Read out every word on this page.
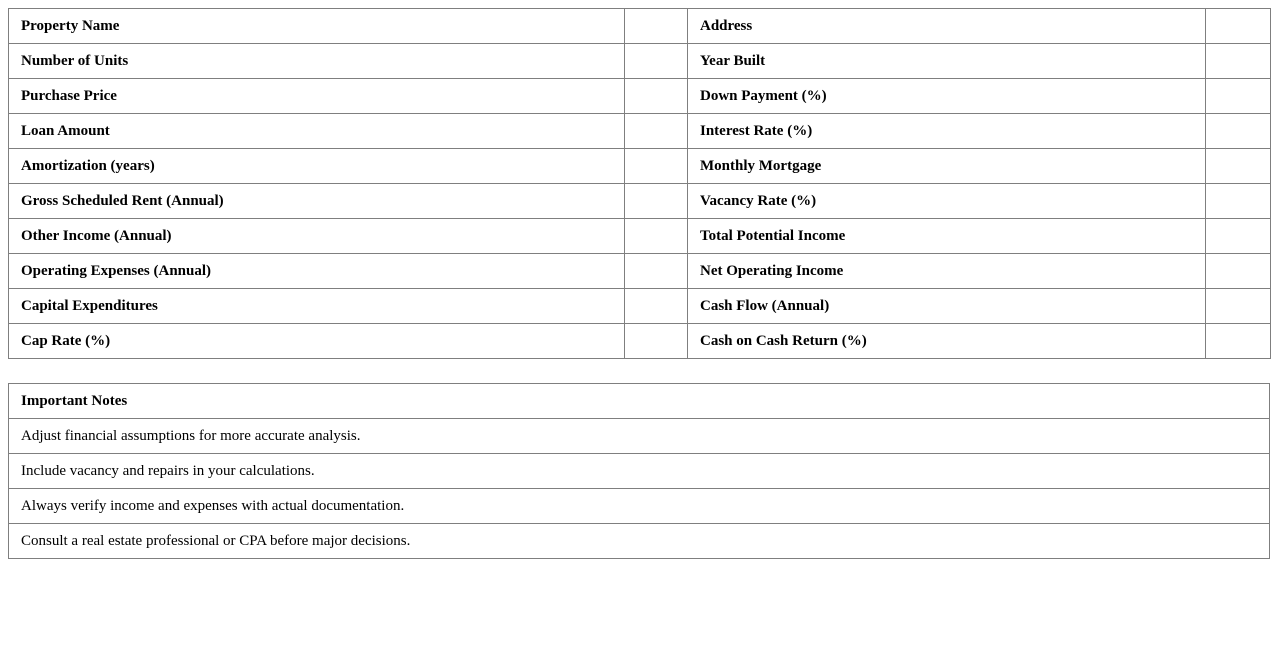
Property Name		Address	
Number of Units		Year Built	
Purchase Price		Down Payment (%)	
Loan Amount		Interest Rate (%)	
Amortization (years)		Monthly Mortgage	
Gross Scheduled Rent (Annual)		Vacancy Rate (%)	
Other Income (Annual)		Total Potential Income	
Operating Expenses (Annual)		Net Operating Income	
Capital Expenditures		Cash Flow (Annual)	
Cap Rate (%)		Cash on Cash Return (%)	
Important Notes
Adjust financial assumptions for more accurate analysis.
Include vacancy and repairs in your calculations.
Always verify income and expenses with actual documentation.
Consult a real estate professional or CPA before major decisions.
